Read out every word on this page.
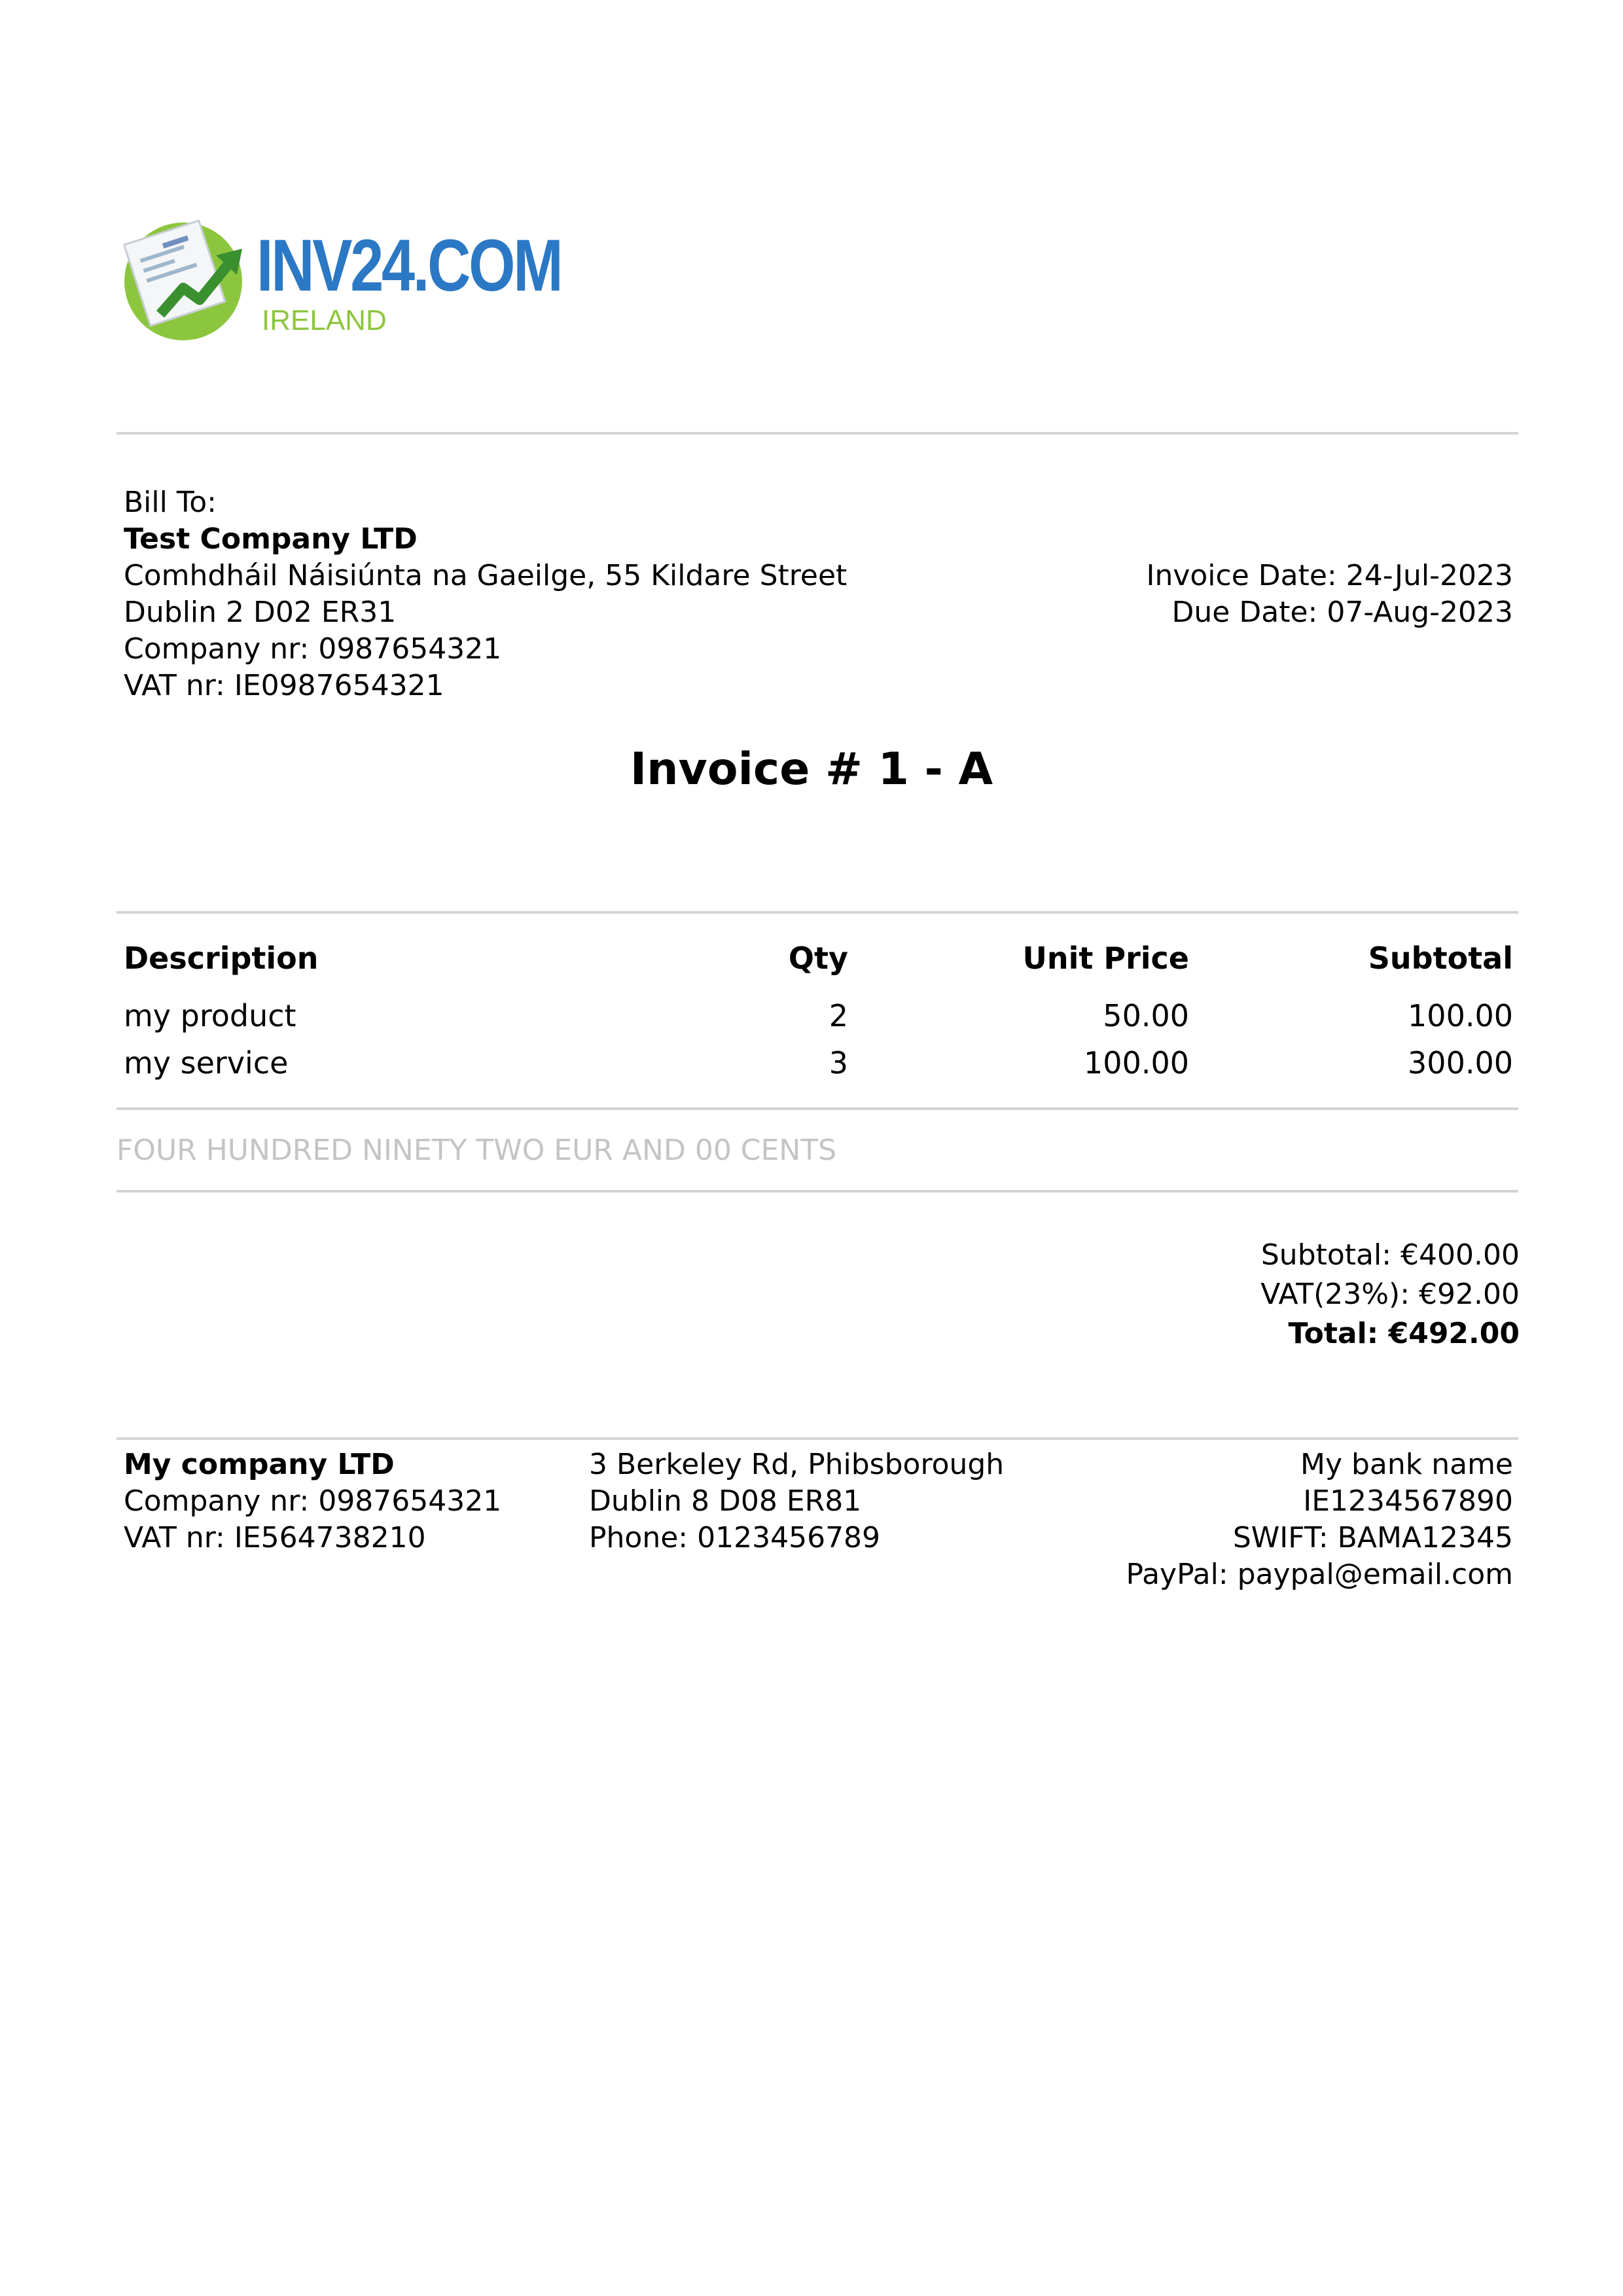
INV24.COM
IRELAND
Bill To:
Test Company LTD
Comhdháil Náisiúnta na Gaeilge, 55 Kildare Street
Dublin 2 D02 ER31
Company nr: 0987654321
VAT nr: IE0987654321
Invoice Date: 24-Jul-2023
Due Date: 07-Aug-2023
Invoice # 1 - A
Description	Qty	Unit Price	Subtotal
my product	2	50.00	100.00
my service	3	100.00	300.00
FOUR HUNDRED NINETY TWO EUR AND 00 CENTS
Subtotal: €400.00
VAT(23%): €92.00
Total: €492.00
My company LTD
Company nr: 0987654321
VAT nr: IE564738210
3 Berkeley Rd, Phibsborough
Dublin 8 D08 ER81
Phone: 0123456789
My bank name
IE1234567890
SWIFT: BAMA12345
PayPal: paypal@email.com
